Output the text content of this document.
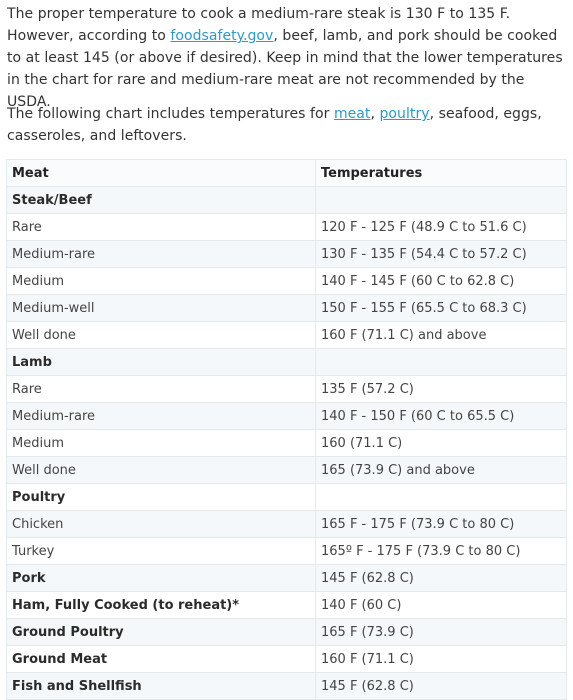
The proper temperature to cook a medium-rare steak is 130 F to 135 F. However, according to foodsafety.gov, beef, lamb, and pork should be cooked to at least 145 (or above if desired). Keep in mind that the lower temperatures in the chart for rare and medium-rare meat are not recommended by the USDA.

The following chart includes temperatures for meat, poultry, seafood, eggs, casseroles, and leftovers.

Meat	Temperatures
Steak/Beef	
Rare	120 F - 125 F (48.9 C to 51.6 C)
Medium-rare	130 F - 135 F (54.4 C to 57.2 C)
Medium	140 F - 145 F (60 C to 62.8 C)
Medium-well	150 F - 155 F (65.5 C to 68.3 C)
Well done	160 F (71.1 C) and above
Lamb	
Rare	135 F (57.2 C)
Medium-rare	140 F - 150 F (60 C to 65.5 C)
Medium	160 (71.1 C)
Well done	165 (73.9 C) and above
Poultry	
Chicken	165 F - 175 F (73.9 C to 80 C)
Turkey	165º F - 175 F (73.9 C to 80 C)
Pork	145 F (62.8 C)
Ham, Fully Cooked (to reheat)*	140 F (60 C)
Ground Poultry	165 F (73.9 C)
Ground Meat	160 F (71.1 C)
Fish and Shellfish	145 F (62.8 C)
